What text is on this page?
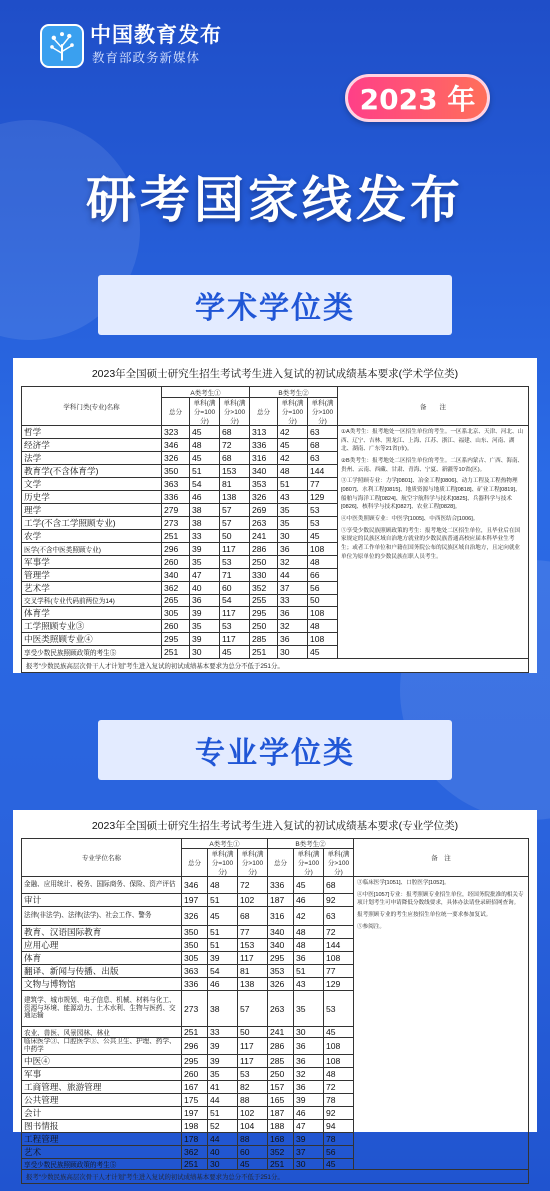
中国教育发布
教育部政务新媒体
2023 年
研考国家线发布
学术学位类
2023年全国硕士研究生招生考试考生进入复试的初试成绩基本要求(学术学位类)
学科门类(专业)名称	A类考生①			B类考生②			备　　注
	总分	单科(满分=100分)	单科(满分>100分)	总分	单科(满分=100分)	单科(满分>100分)	
哲学	323	45	68	313	42	63	①A类考生：报考地处一区招生单位的考生。一区系北京、天津、河北、山西、辽宁、吉林、黑龙江、上海、江苏、浙江、福建、山东、河南、湖北、湖南、广东等21省(市)。

②B类考生：报考地处二区招生单位的考生。二区系内蒙古、广西、海南、贵州、云南、西藏、甘肃、青海、宁夏、新疆等10省(区)。

③工学照顾专业：力学[0801]、冶金工程[0806]、动力工程及工程热物理[0807]、水利工程[0815]、地质资源与地质工程[0818]、矿业工程[0819]、船舶与海洋工程[0824]、航空宇航科学与技术[0825]、兵器科学与技术[0826]、核科学与技术[0827]、农业工程[0828]。

④中医类照顾专业：中医学[1005]、中西医结合[1006]。

⑤享受少数民族照顾政策的考生：报考地处二区招生单位，且毕业后在国家规定的民族区域自治地方就业的少数民族普通高校应届本科毕业生考生；或者工作单位和户籍在国务院公布的民族区域自治地方，且定向就业单位为原单位的少数民族在职人员考生。

经济学	346	48	72	336	45	68	
法学	326	45	68	316	42	63	
教育学(不含体育学)	350	51	153	340	48	144	
文学	363	54	81	353	51	77	
历史学	336	46	138	326	43	129	
理学	279	38	57	269	35	53	
工学(不含工学照顾专业)	273	38	57	263	35	53	
农学	251	33	50	241	30	45	
医学(不含中医类照顾专业)	296	39	117	286	36	108	
军事学	260	35	53	250	32	48	
管理学	340	47	71	330	44	66	
艺术学	362	40	60	352	37	56	
交叉学科(专业代码前两位为14)	265	36	54	255	33	50	
体育学	305	39	117	295	36	108	
工学照顾专业③	260	35	53	250	32	48	
中医类照顾专业④	295	39	117	285	36	108	
享受少数民族照顾政策的考生⑤	251	30	45	251	30	45	
报考“少数民族高层次骨干人才计划”考生进入复试的初试成绩基本要求为总分不低于251分。							
专业学位类
2023年全国硕士研究生招生考试考生进入复试的初试成绩基本要求(专业学位类)
专业学位名称	A类考生①			B类考生②			备　注
	总分	单科(满分=100分)	单科(满分>100分)	总分	单科(满分=100分)	单科(满分>100分)	
金融、应用统计、税务、国际商务、保险、资产评估	346	48	72	336	45	68	③临床医学[1051]、口腔医学[1052]。

④中医[1057]专业：报考照顾专业招生单位，经国务院批准的相关专项计划考生可申请降低分数线要求，具体办法请登录研招网查询。

报考照顾专业的考生应按招生单位统一要求参加复试。

⑤参阅注。

审计	197	51	102	187	46	92	
法律(非法学)、法律(法学)、社会工作、警务	326	45	68	316	42	63	
教育、汉语国际教育	350	51	77	340	48	72	
应用心理	350	51	153	340	48	144	
体育	305	39	117	295	36	108	
翻译、新闻与传播、出版	363	54	81	353	51	77	
文物与博物馆	336	46	138	326	43	129	
建筑学、城市规划、电子信息、机械、材料与化工、资源与环境、能源动力、土木水利、生物与医药、交通运输	273	38	57	263	35	53	
农业、兽医、风景园林、林业	251	33	50	241	30	45	
临床医学③、口腔医学③、公共卫生、护理、药学、中药学	296	39	117	286	36	108	
中医④	295	39	117	285	36	108	
军事	260	35	53	250	32	48	
工商管理、旅游管理	167	41	82	157	36	72	
公共管理	175	44	88	165	39	78	
会计	197	51	102	187	46	92	
图书情报	198	52	104	188	47	94	
工程管理	178	44	88	168	39	78	
艺术	362	40	60	352	37	56	
享受少数民族照顾政策的考生⑤	251	30	45	251	30	45	
报考“少数民族高层次骨干人才计划”考生进入复试的初试成绩基本要求为总分不低于251分。							
